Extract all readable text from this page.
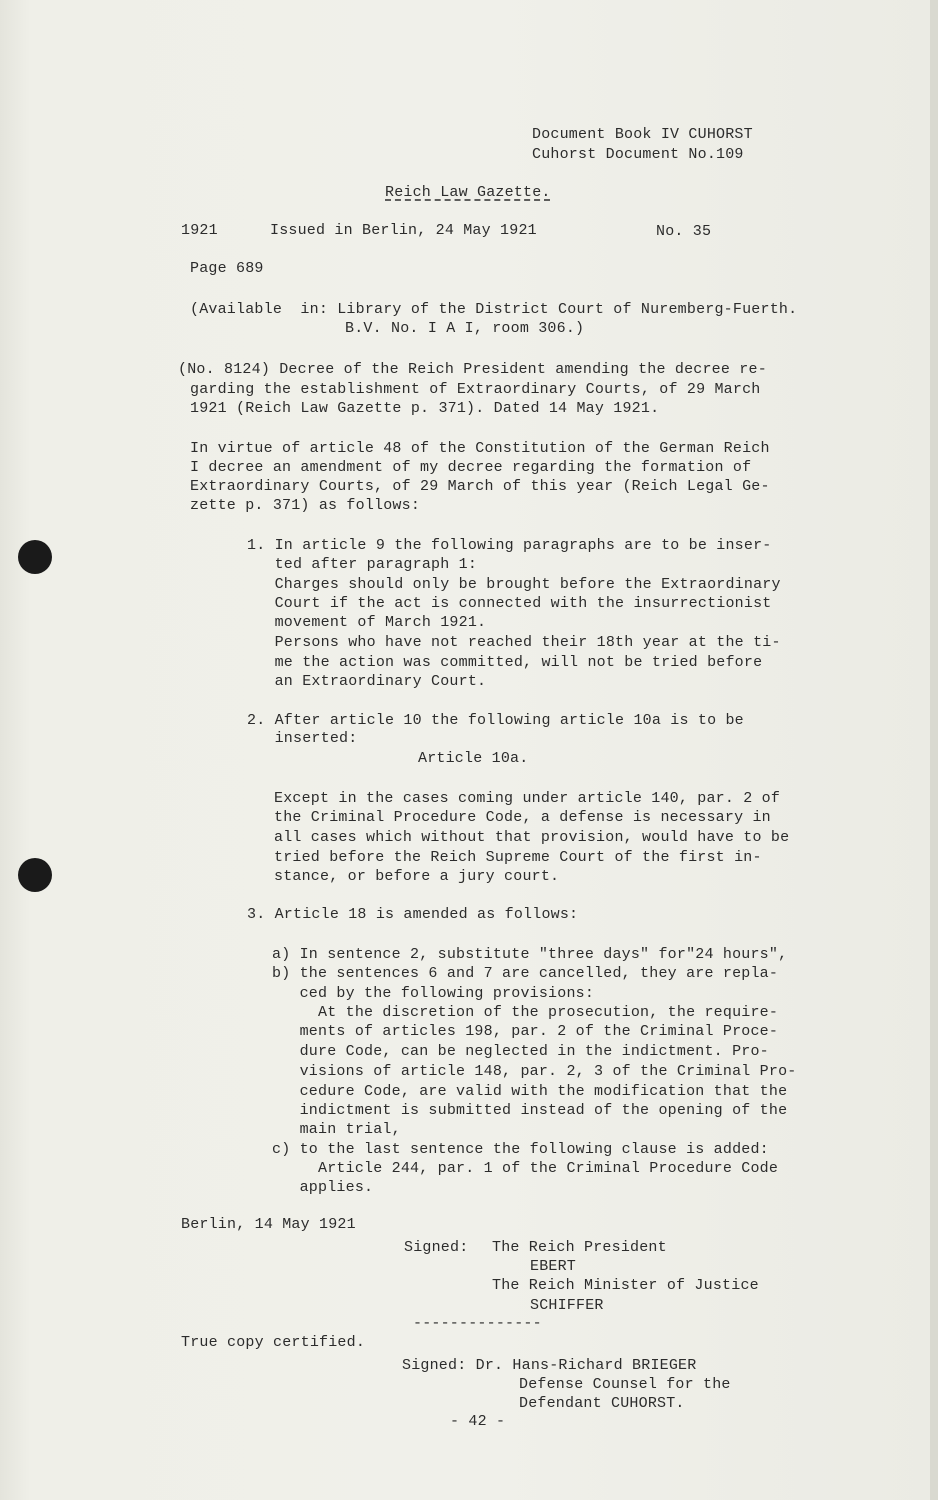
Document Book IV CUHORST
Cuhorst Document No.109
Reich Law Gazette.
1921	Issued in Berlin, 24 May 1921	No. 35
Page 689
(Available  in: Library of the District Court of Nuremberg-Fuerth.
B.V. No. I A I, room 306.)
(No. 8124) Decree of the Reich President amending the decree re-
garding the establishment of Extraordinary Courts, of 29 March
1921 (Reich Law Gazette p. 371). Dated 14 May 1921.
In virtue of article 48 of the Constitution of the German Reich
I decree an amendment of my decree regarding the formation of
Extraordinary Courts, of 29 March of this year (Reich Legal Ge-
zette p. 371) as follows:
1. In article 9 the following paragraphs are to be inser-
ted after paragraph 1:
Charges should only be brought before the Extraordinary
Court if the act is connected with the insurrectionist
movement of March 1921.
Persons who have not reached their 18th year at the ti-
me the action was committed, will not be tried before
an Extraordinary Court.
2. After article 10 the following article 10a is to be
inserted:
Article 10a.
Except in the cases coming under article 140, par. 2 of
the Criminal Procedure Code, a defense is necessary in
all cases which without that provision, would have to be
tried before the Reich Supreme Court of the first in-
stance, or before a jury court.
3. Article 18 is amended as follows:
a) In sentence 2, substitute "three days" for"24 hours",
b) the sentences 6 and 7 are cancelled, they are repla-
ced by the following provisions:
At the discretion of the prosecution, the require-
ments of articles 198, par. 2 of the Criminal Proce-
dure Code, can be neglected in the indictment. Pro-
visions of article 148, par. 2, 3 of the Criminal Pro-
cedure Code, are valid with the modification that the
indictment is submitted instead of the opening of the
main trial,
c) to the last sentence the following clause is added:
Article 244, par. 1 of the Criminal Procedure Code
applies.
Berlin, 14 May 1921
Signed: The Reich President
EBERT
The Reich Minister of Justice
SCHIFFER
--------------
True copy certified.
Signed: Dr. Hans-Richard BRIEGER
Defense Counsel for the
Defendant CUHORST.
- 42 -
